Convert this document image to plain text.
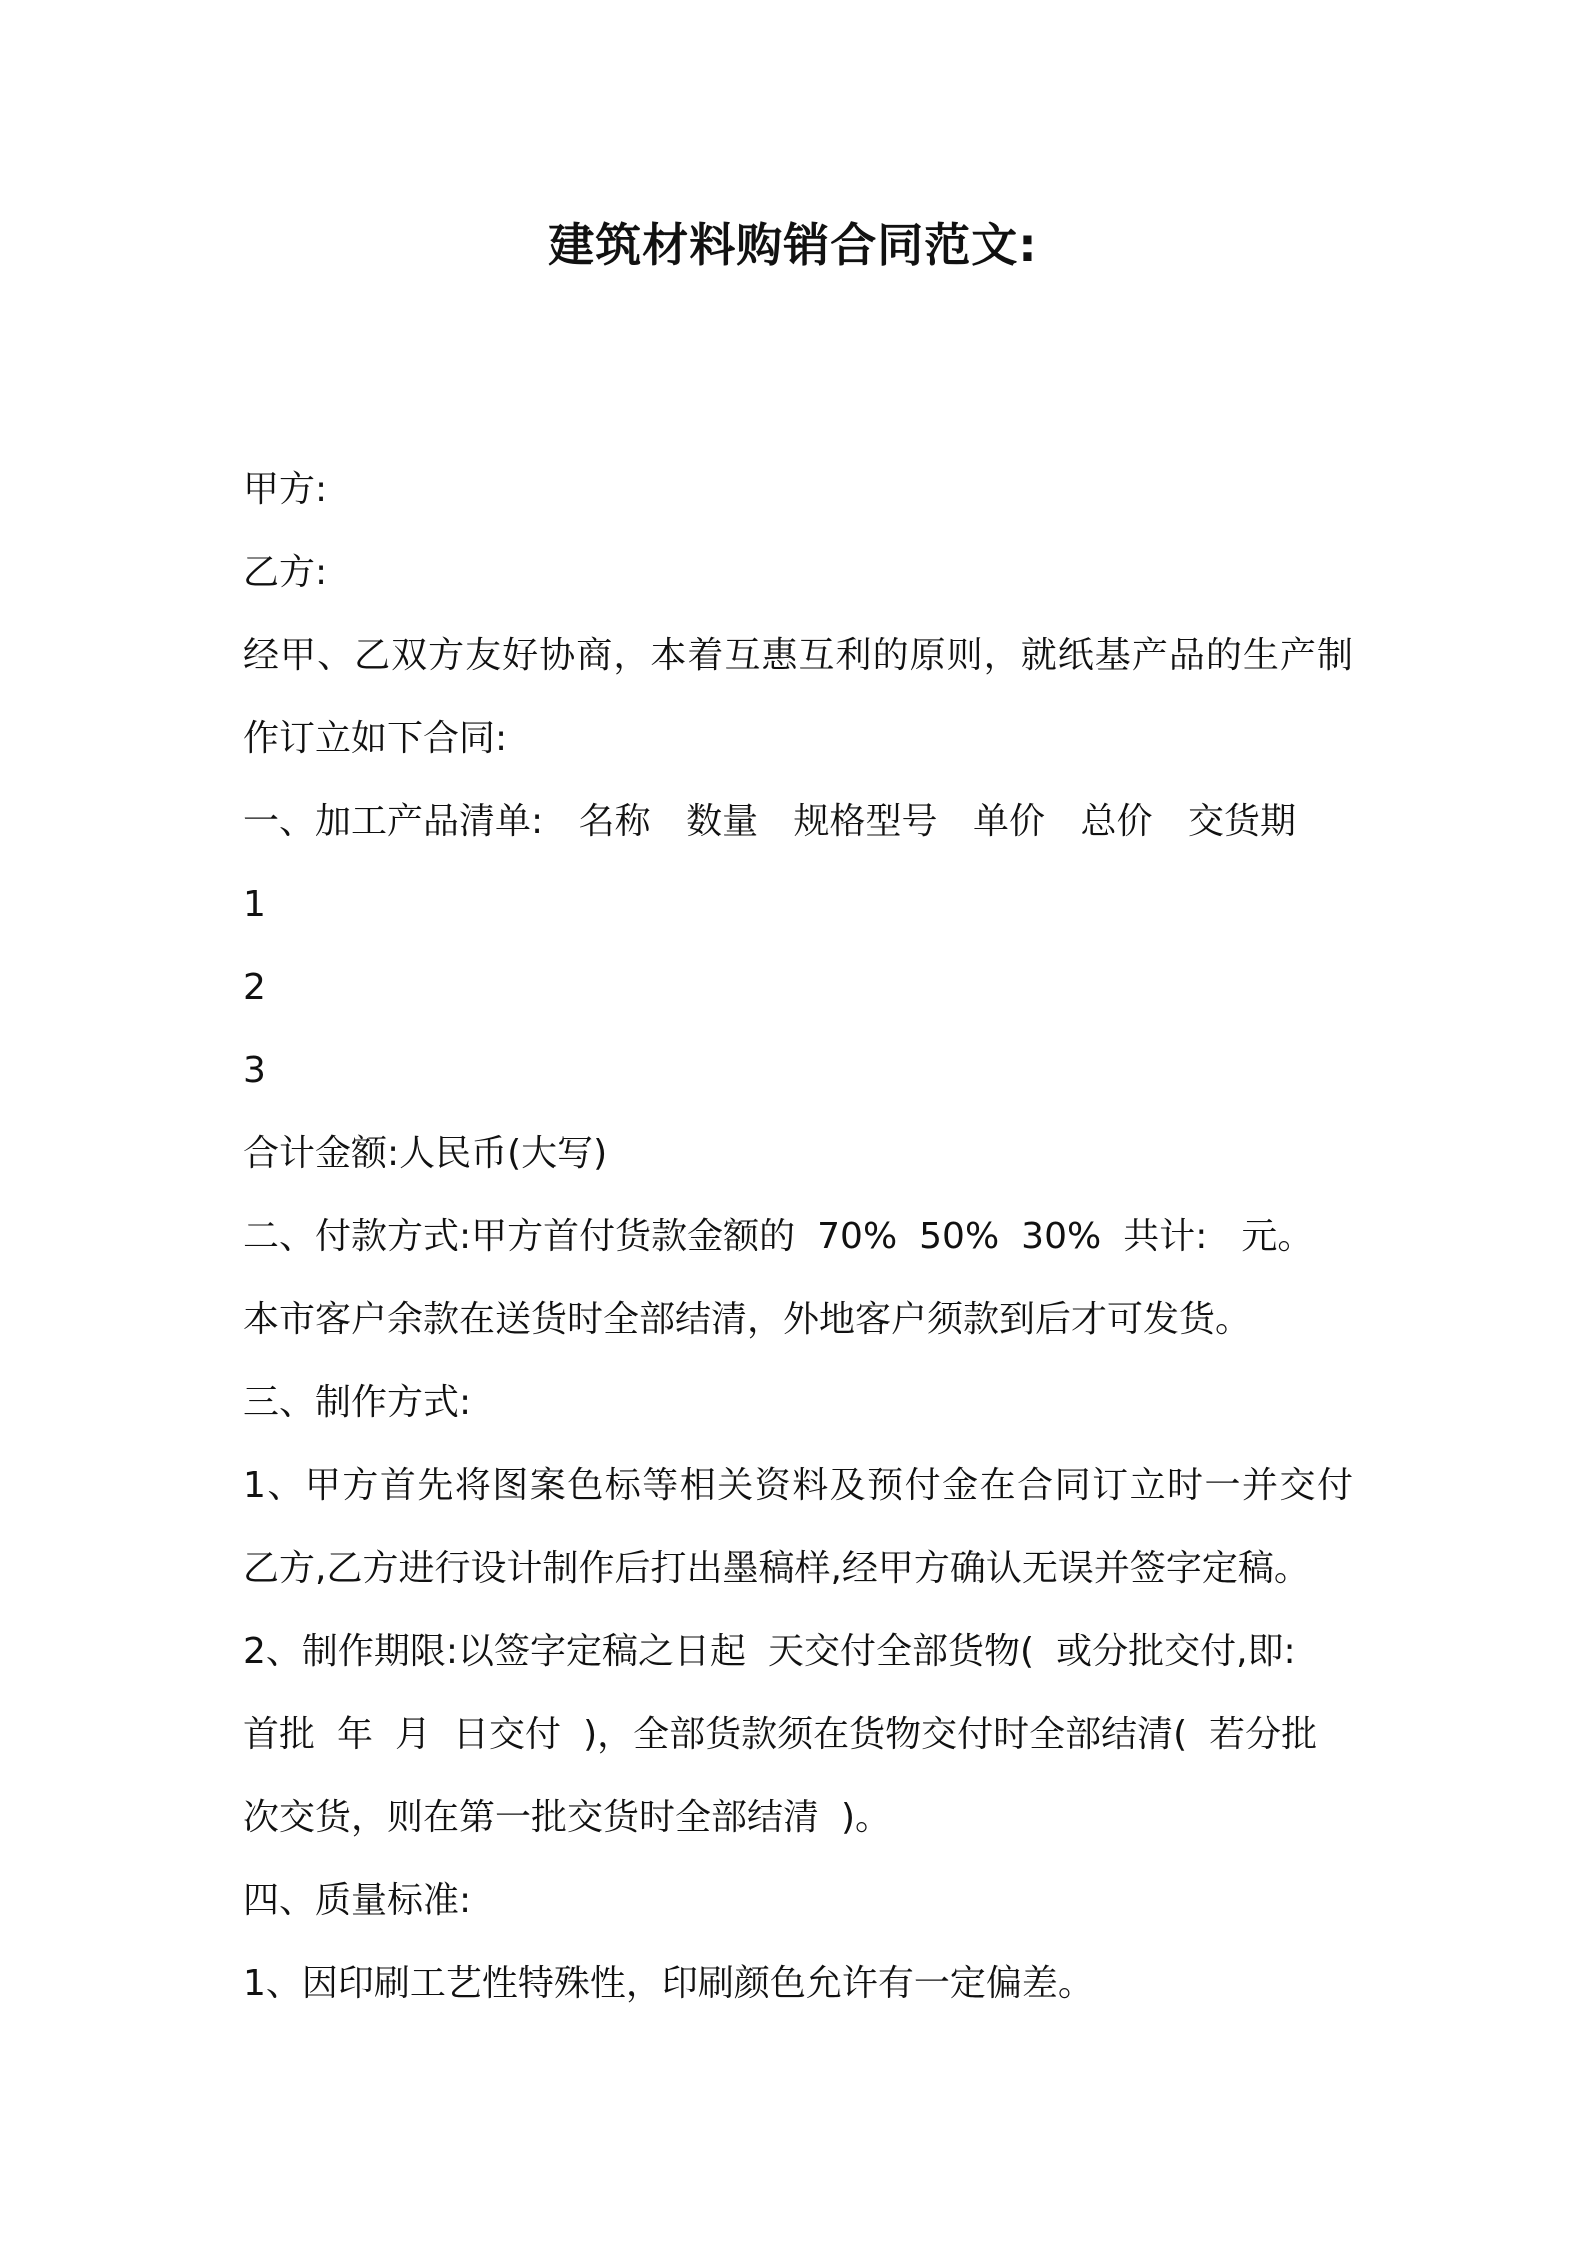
建筑材料购销合同范文:
甲方:
乙方:
经甲、乙双方友好协商，本着互惠互利的原则，就纸基产品的生产制
作订立如下合同:
一、加工产品清单: 名称 数量 规格型号 单价 总价 交货期
1
2
3
合计金额:人民币(大写)
二、付款方式:甲方首付货款金额的 70% 50% 30% 共计: 元。
本市客户余款在送货时全部结清，外地客户须款到后才可发货。
三、制作方式:
1、甲方首先将图案色标等相关资料及预付金在合同订立时一并交付
乙方,乙方进行设计制作后打出墨稿样,经甲方确认无误并签字定稿。
2、制作期限:以签字定稿之日起 天交付全部货物( 或分批交付,即:
首批 年 月 日交付 )，全部货款须在货物交付时全部结清( 若分批
次交货，则在第一批交货时全部结清 )。
四、质量标准:
1、因印刷工艺性特殊性，印刷颜色允许有一定偏差。
